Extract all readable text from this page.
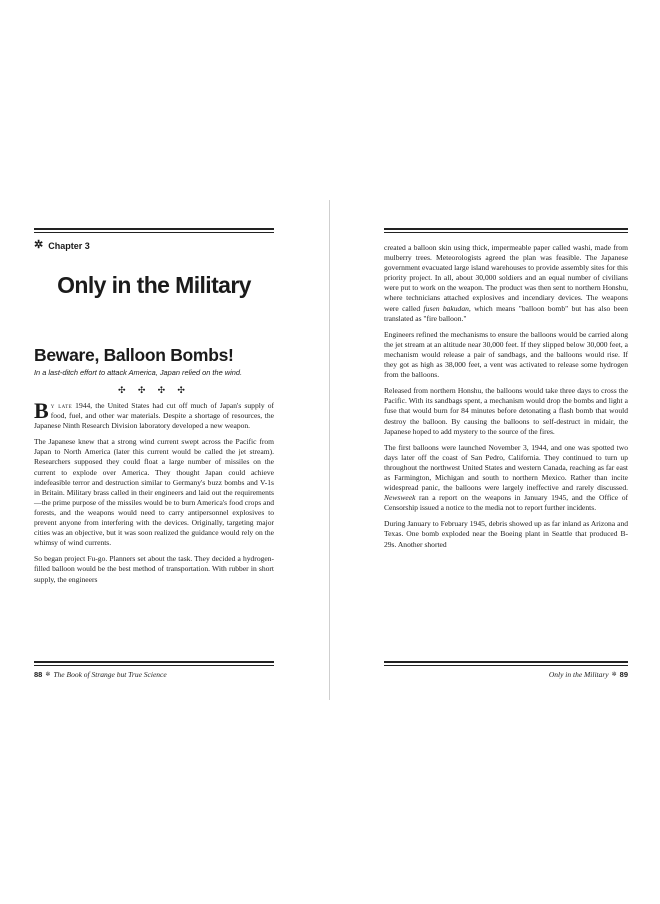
✲ Chapter 3
Only in the Military
Beware, Balloon Bombs!
In a last-ditch effort to attack America, Japan relied on the wind.
✣ ✣ ✣ ✣

By late 1944, the United States had cut off much of Japan's supply of food, fuel, and other war materials. Despite a shortage of resources, the Japanese Ninth Research Division laboratory developed a new weapon.

The Japanese knew that a strong wind current swept across the Pacific from Japan to North America (later this current would be called the jet stream). Researchers supposed they could float a large number of missiles on the current to explode over America. They thought Japan could achieve indefeasible terror and destruction similar to Germany's buzz bombs and V-1s in Britain. Military brass called in their engineers and laid out the requirements—the prime purpose of the missiles would be to burn America's food crops and forests, and the weapons would need to carry antipersonnel explosives to prevent anyone from interfering with the devices. Originally, targeting major cities was an objective, but it was soon realized the guidance would rely on the whimsy of wind currents.

So began project Fu-go. Planners set about the task. They decided a hydrogen-filled balloon would be the best method of transportation. With rubber in short supply, the engineers

88 ✲ The Book of Strange but True Science

created a balloon skin using thick, impermeable paper called washi, made from mulberry trees. Meteorologists agreed the plan was feasible. The Japanese government evacuated large island warehouses to provide assembly sites for this priority project. In all, about 30,000 soldiers and an equal number of civilians were put to work on the weapon. The product was then sent to northern Honshu, where technicians attached explosives and incendiary devices. The weapons were called fusen bakudan, which means "balloon bomb" but has also been translated as "fire balloon."

Engineers refined the mechanisms to ensure the balloons would be carried along the jet stream at an altitude near 30,000 feet. If they slipped below 30,000 feet, a mechanism would release a pair of sandbags, and the balloons would rise. If they got as high as 38,000 feet, a vent was activated to release some hydrogen from the balloons.

Released from northern Honshu, the balloons would take three days to cross the Pacific. With its sandbags spent, a mechanism would drop the bombs and light a fuse that would burn for 84 minutes before detonating a flash bomb that would destroy the balloon. By causing the balloons to self-destruct in midair, the Japanese hoped to add mystery to the source of the fires.

The first balloons were launched November 3, 1944, and one was spotted two days later off the coast of San Pedro, California. They continued to turn up throughout the northwest United States and western Canada, reaching as far east as Farmington, Michigan and south to northern Mexico. Rather than incite widespread panic, the balloons were largely ineffective and rarely discussed. Newsweek ran a report on the weapons in January 1945, and the Office of Censorship issued a notice to the media not to report further incidents.

During January to February 1945, debris showed up as far inland as Arizona and Texas. One bomb exploded near the Boeing plant in Seattle that produced B-29s. Another shorted

Only in the Military ✲ 89
